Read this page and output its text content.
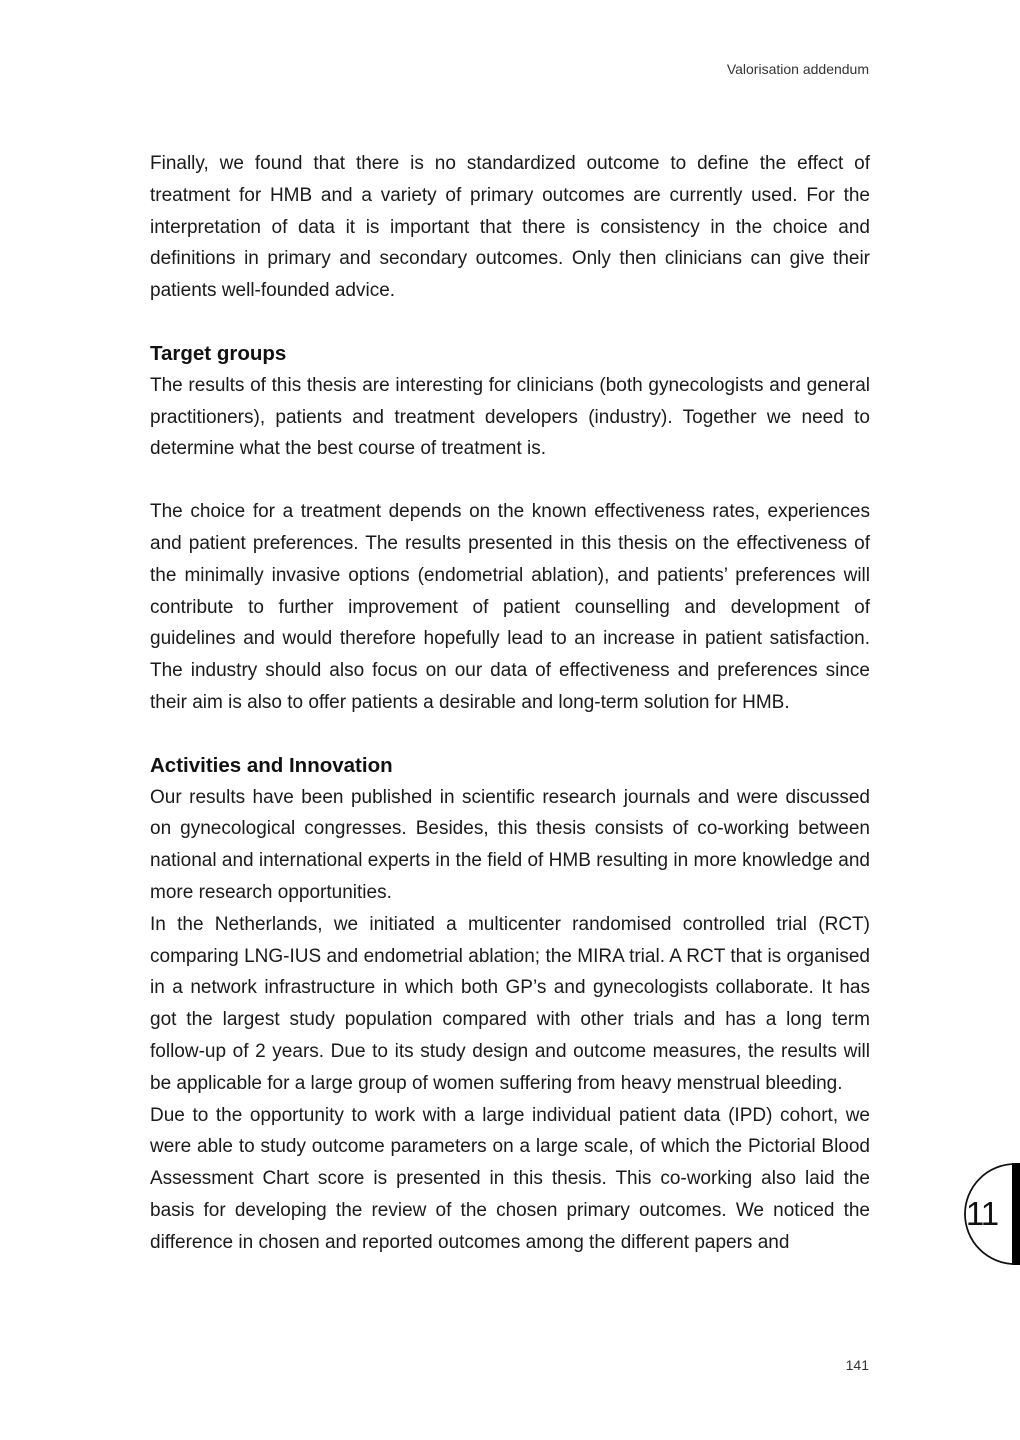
Valorisation addendum

Finally, we found that there is no standardized outcome to define the effect of treatment for HMB and a variety of primary outcomes are currently used. For the interpretation of data it is important that there is consistency in the choice and definitions in primary and secondary outcomes. Only then clinicians can give their patients well-founded advice.

Target groups

The results of this thesis are interesting for clinicians (both gynecologists and general practitioners), patients and treatment developers (industry). Together we need to determine what the best course of treatment is.

The choice for a treatment depends on the known effectiveness rates, experiences and patient preferences. The results presented in this thesis on the effectiveness of the minimally invasive options (endometrial ablation), and patients’ preferences will contribute to further improvement of patient counselling and development of guidelines and would therefore hopefully lead to an increase in patient satisfaction. The industry should also focus on our data of effectiveness and preferences since their aim is also to offer patients a desirable and long-term solution for HMB.

Activities and Innovation

Our results have been published in scientific research journals and were discussed on gynecological congresses. Besides, this thesis consists of co-working between national and international experts in the field of HMB resulting in more knowledge and more research opportunities.

In the Netherlands, we initiated a multicenter randomised controlled trial (RCT) comparing LNG-IUS and endometrial ablation; the MIRA trial. A RCT that is organised in a network infrastructure in which both GP’s and gynecologists collaborate. It has got the largest study population compared with other trials and has a long term follow-up of 2 years. Due to its study design and outcome measures, the results will be applicable for a large group of women suffering from heavy menstrual bleeding.

Due to the opportunity to work with a large individual patient data (IPD) cohort, we were able to study outcome parameters on a large scale, of which the Pictorial Blood Assessment Chart score is presented in this thesis. This co-working also laid the basis for developing the review of the chosen primary outcomes. We noticed the difference in chosen and reported outcomes among the different papers and

11
141
